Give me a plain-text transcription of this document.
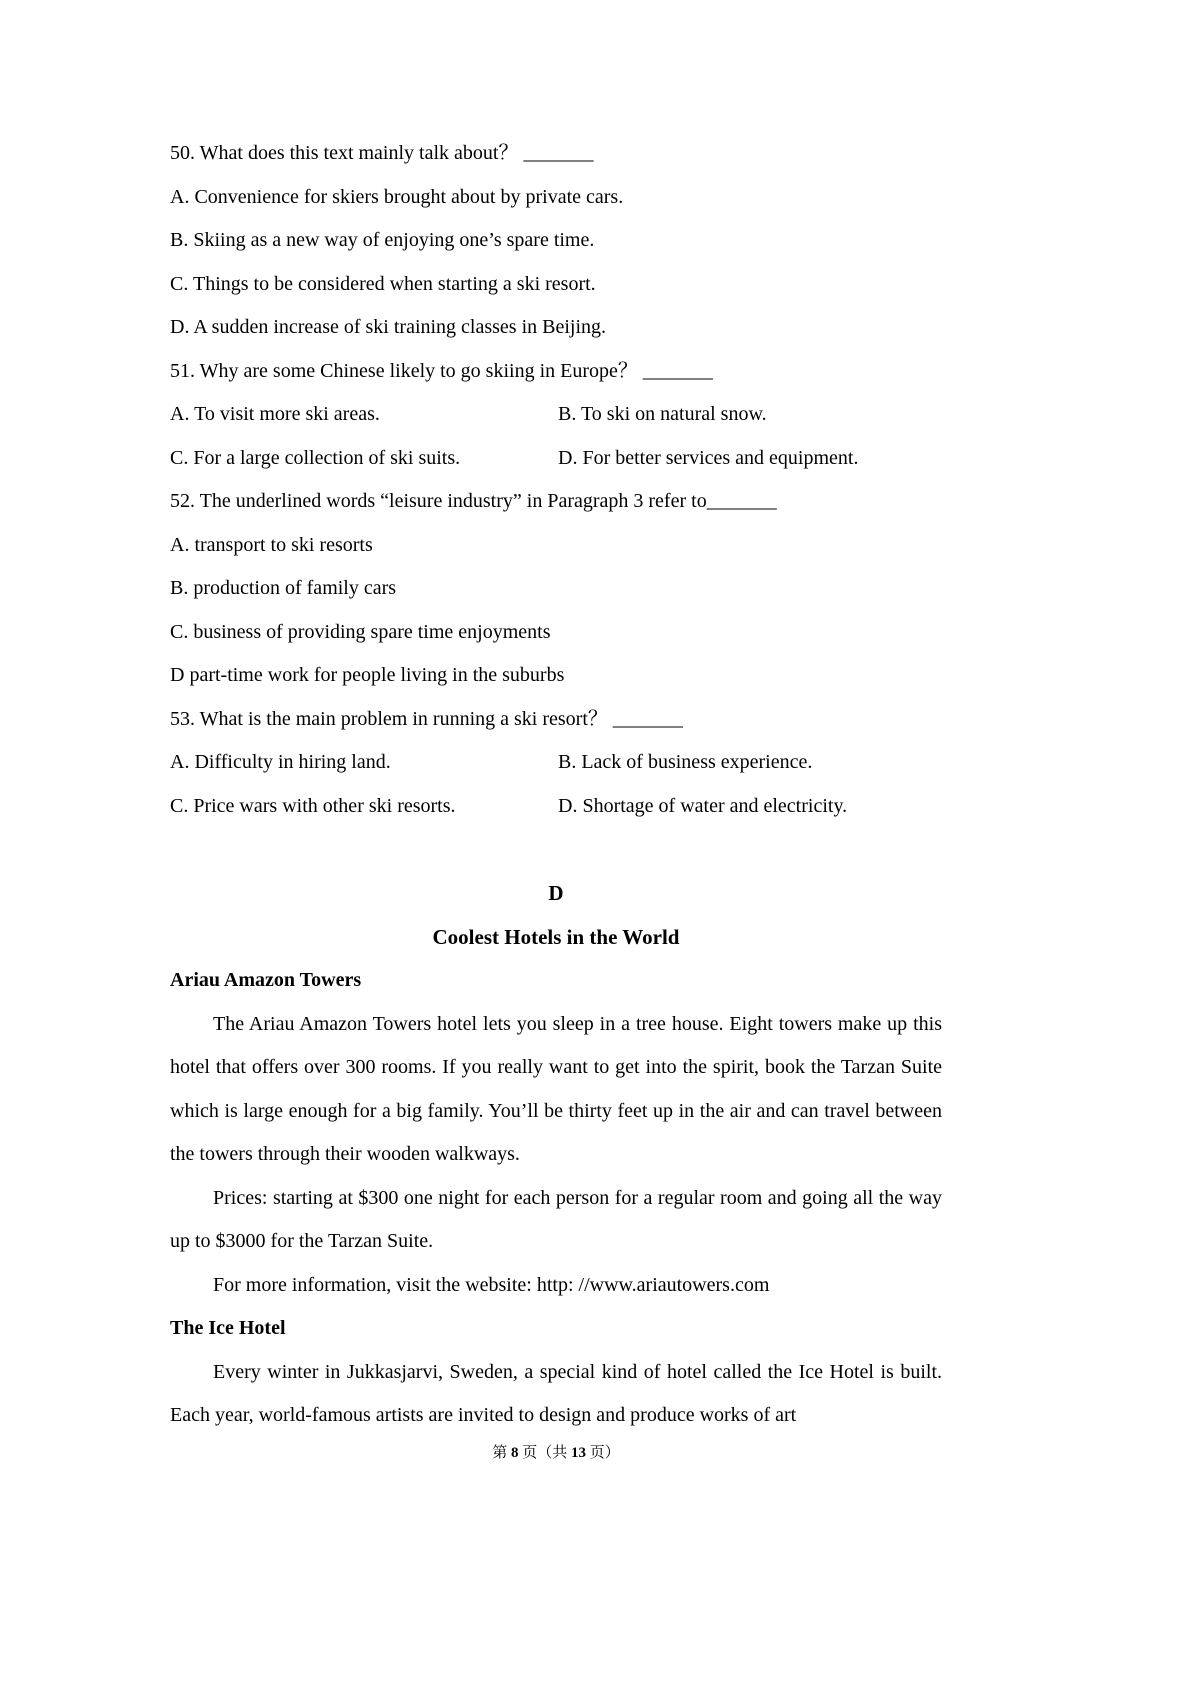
50. What does this text mainly talk about？ _______

A. Convenience for skiers brought about by private cars.

B. Skiing as a new way of enjoying one’s spare time.

C. Things to be considered when starting a ski resort.

D. A sudden increase of ski training classes in Beijing.

51. Why are some Chinese likely to go skiing in Europe？ _______

A. To visit more ski areas.	B. To ski on natural snow.
C. For a large collection of ski suits.	D. For better services and equipment.

52. The underlined words “leisure industry” in Paragraph 3 refer to_______

A. transport to ski resorts

B. production of family cars

C. business of providing spare time enjoyments

D part-time work for people living in the suburbs

53. What is the main problem in running a ski resort？ _______

A. Difficulty in hiring land.	B. Lack of business experience.
C. Price wars with other ski resorts.	D. Shortage of water and electricity.
D
Coolest Hotels in the World
Ariau Amazon Towers

The Ariau Amazon Towers hotel lets you sleep in a tree house. Eight towers make up this hotel that offers over 300 rooms. If you really want to get into the spirit, book the Tarzan Suite which is large enough for a big family. You’ll be thirty feet up in the air and can travel between the towers through their wooden walkways.

Prices: starting at $300 one night for each person for a regular room and going all the way up to $3000 for the Tarzan Suite.

For more information, visit the website: http: //www.ariautowers.com

The Ice Hotel

Every winter in Jukkasjarvi, Sweden, a special kind of hotel called the Ice Hotel is built. Each year, world-famous artists are invited to design and produce works of art

第 8 页（共 13 页）
